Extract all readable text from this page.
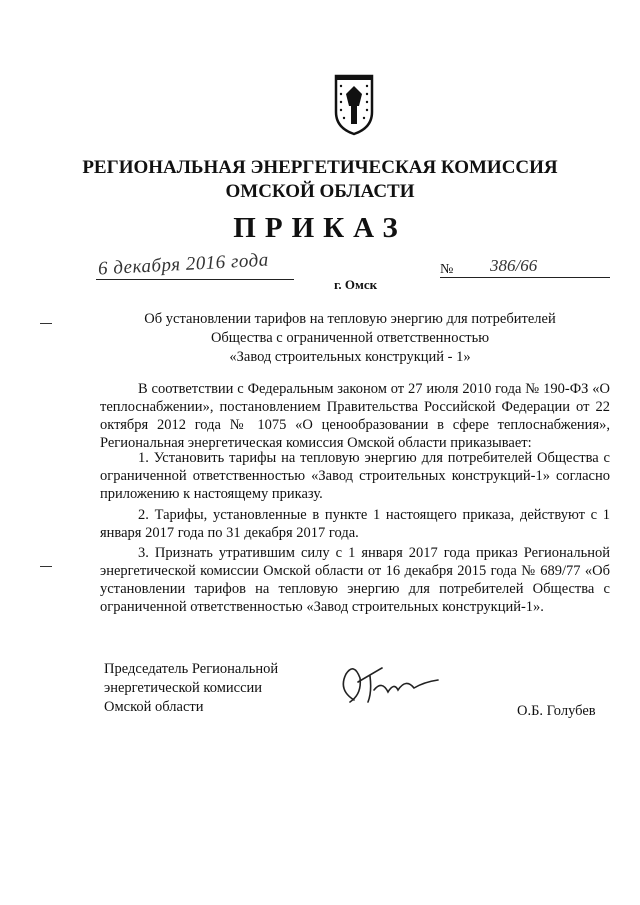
РЕГИОНАЛЬНАЯ ЭНЕРГЕТИЧЕСКАЯ КОМИССИЯ
ОМСКОЙ ОБЛАСТИ
ПРИКАЗ
6 декабря 2016 года
г. Омск
№ 386/66
Об установлении тарифов на тепловую энергию для потребителей
Общества с ограниченной ответственностью
«Завод строительных конструкций - 1»

В соответствии с Федеральным законом от 27 июля 2010 года № 190-ФЗ «О теплоснабжении», постановлением Правительства Российской Федерации от 22 октября 2012 года № 1075 «О ценообразовании в сфере теплоснабжения», Региональная энергетическая комиссия Омской области приказывает:

1. Установить тарифы на тепловую энергию для потребителей Общества с ограниченной ответственностью «Завод строительных конструкций-1» согласно приложению к настоящему приказу.

2. Тарифы, установленные в пункте 1 настоящего приказа, действуют с 1 января 2017 года по 31 декабря 2017 года.

3. Признать утратившим силу с 1 января 2017 года приказ Региональной энергетической комиссии Омской области от 16 декабря 2015 года № 689/77 «Об установлении тарифов на тепловую энергию для потребителей Общества с ограниченной ответственностью «Завод строительных конструкций-1».

Председатель Региональной
энергетической комиссии
Омской области	О.Б. Голубев
